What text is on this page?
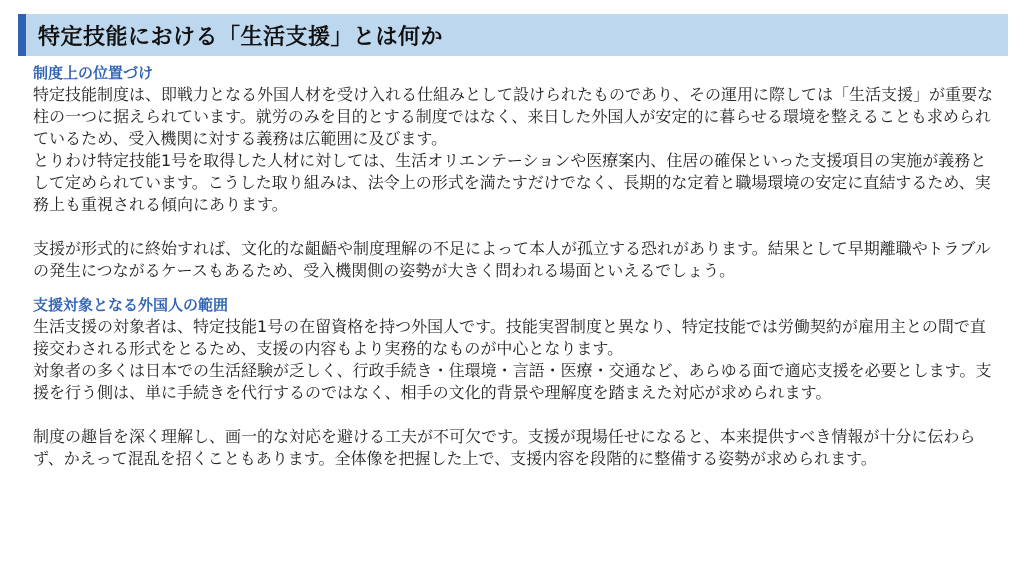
特定技能における「生活支援」とは何か
制度上の位置づけ

特定技能制度は、即戦力となる外国人材を受け入れる仕組みとして設けられたものであり、その運用に際しては「生活支援」が重要な柱の一つに据えられています。就労のみを目的とする制度ではなく、来日した外国人が安定的に暮らせる環境を整えることも求められているため、受入機関に対する義務は広範囲に及びます。

とりわけ特定技能1号を取得した人材に対しては、生活オリエンテーションや医療案内、住居の確保といった支援項目の実施が義務として定められています。こうした取り組みは、法令上の形式を満たすだけでなく、長期的な定着と職場環境の安定に直結するため、実務上も重視される傾向にあります。

支援が形式的に終始すれば、文化的な齟齬や制度理解の不足によって本人が孤立する恐れがあります。結果として早期離職やトラブルの発生につながるケースもあるため、受入機関側の姿勢が大きく問われる場面といえるでしょう。

支援対象となる外国人の範囲

生活支援の対象者は、特定技能1号の在留資格を持つ外国人です。技能実習制度と異なり、特定技能では労働契約が雇用主との間で直接交わされる形式をとるため、支援の内容もより実務的なものが中心となります。

対象者の多くは日本での生活経験が乏しく、行政手続き・住環境・言語・医療・交通など、あらゆる面で適応支援を必要とします。支援を行う側は、単に手続きを代行するのではなく、相手の文化的背景や理解度を踏まえた対応が求められます。

制度の趣旨を深く理解し、画一的な対応を避ける工夫が不可欠です。支援が現場任せになると、本来提供すべき情報が十分に伝わらず、かえって混乱を招くこともあります。全体像を把握した上で、支援内容を段階的に整備する姿勢が求められます。
